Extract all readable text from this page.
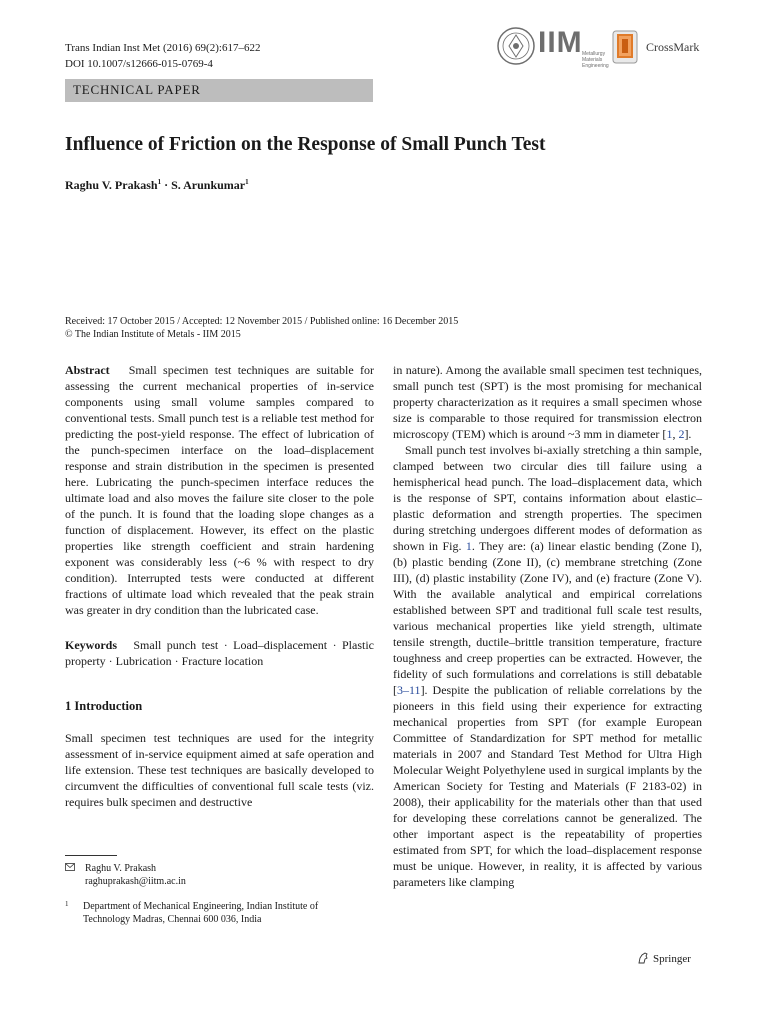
Trans Indian Inst Met (2016) 69(2):617–622
DOI 10.1007/s12666-015-0769-4
IIM Metallurgy Materials Engineering
CrossMark
TECHNICAL PAPER
Influence of Friction on the Response of Small Punch Test
Raghu V. Prakash$^1$ · S. Arunkumar$^1$
Received: 17 October 2015 / Accepted: 12 November 2015 / Published online: 16 December 2015
© The Indian Institute of Metals - IIM 2015

Abstract Small specimen test techniques are suitable for assessing the current mechanical properties of in-service components using small volume samples compared to conventional tests. Small punch test is a reliable test method for predicting the post-yield response. The effect of lubrication of the punch-specimen interface on the load–displacement response and strain distribution in the specimen is presented here. Lubricating the punch-specimen interface reduces the ultimate load and also moves the failure site closer to the pole of the punch. It is found that the loading slope changes as a function of displacement. However, its effect on the plastic properties like strength coefficient and strain hardening exponent was considerably less (~6 % with respect to dry condition). Interrupted tests were conducted at different fractions of ultimate load which revealed that the peak strain was greater in dry condition than the lubricated case.

Keywords Small punch test · Load–displacement · Plastic property · Lubrication · Fracture location

1 Introduction

Small specimen test techniques are used for the integrity assessment of in-service equipment aimed at safe operation and life extension. These test techniques are basically developed to circumvent the difficulties of conventional full scale tests (viz. requires bulk specimen and destructive

in nature). Among the available small specimen test techniques, small punch test (SPT) is the most promising for mechanical property characterization as it requires a small specimen whose size is comparable to those required for transmission electron microscopy (TEM) which is around ~3 mm in diameter [1, 2].

Small punch test involves bi-axially stretching a thin sample, clamped between two circular dies till failure using a hemispherical head punch. The load–displacement data, which is the response of SPT, contains information about elastic–plastic deformation and strength properties. The specimen during stretching undergoes different modes of deformation as shown in Fig. 1. They are: (a) linear elastic bending (Zone I), (b) plastic bending (Zone II), (c) membrane stretching (Zone III), (d) plastic instability (Zone IV), and (e) fracture (Zone V). With the available analytical and empirical correlations established between SPT and traditional full scale test results, various mechanical properties like yield strength, ultimate tensile strength, ductile–brittle transition temperature, fracture toughness and creep properties can be extracted. However, the fidelity of such formulations and correlations is still debatable [3–11]. Despite the publication of reliable correlations by the pioneers in this field using their experience for extracting mechanical properties from SPT (for example European Committee of Standardization for SPT method for metallic materials in 2007 and Standard Test Method for Ultra High Molecular Weight Polyethylene used in surgical implants by the American Society for Testing and Materials (F 2183-02) in 2008), their applicability for the materials other than that used for developing these correlations cannot be generalized. The other important aspect is the repeatability of properties estimated from SPT, for which the load–displacement response must be unique. However, in reality, it is affected by various parameters like clamping

Raghu V. Prakash
raghuprakash@iitm.ac.in
1 Department of Mechanical Engineering, Indian Institute of Technology Madras, Chennai 600 036, India
Springer
